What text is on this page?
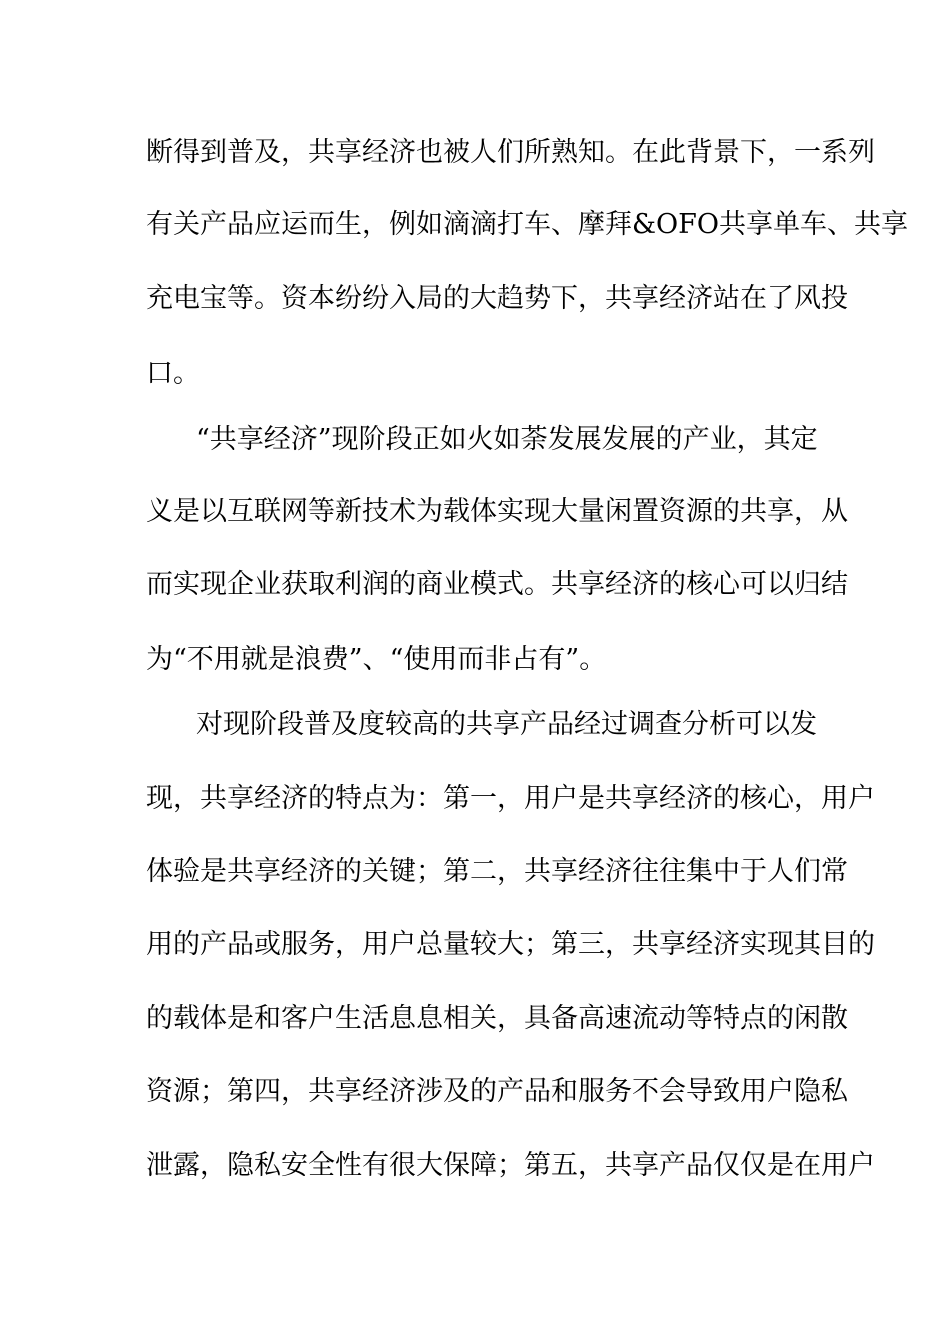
断得到普及，共享经济也被人们所熟知。在此背景下，一系列
有关产品应运而生，例如滴滴打车、摩拜&OFO共享单车、共享
充电宝等。资本纷纷入局的大趋势下，共享经济站在了风投
口。
“共享经济”现阶段正如火如荼发展发展的产业，其定
义是以互联网等新技术为载体实现大量闲置资源的共享，从
而实现企业获取利润的商业模式。共享经济的核心可以归结
为“不用就是浪费”、“使用而非占有”。
对现阶段普及度较高的共享产品经过调查分析可以发
现，共享经济的特点为：第一，用户是共享经济的核心，用户
体验是共享经济的关键；第二，共享经济往往集中于人们常
用的产品或服务，用户总量较大；第三，共享经济实现其目的
的载体是和客户生活息息相关，具备高速流动等特点的闲散
资源；第四，共享经济涉及的产品和服务不会导致用户隐私
泄露，隐私安全性有很大保障；第五，共享产品仅仅是在用户
